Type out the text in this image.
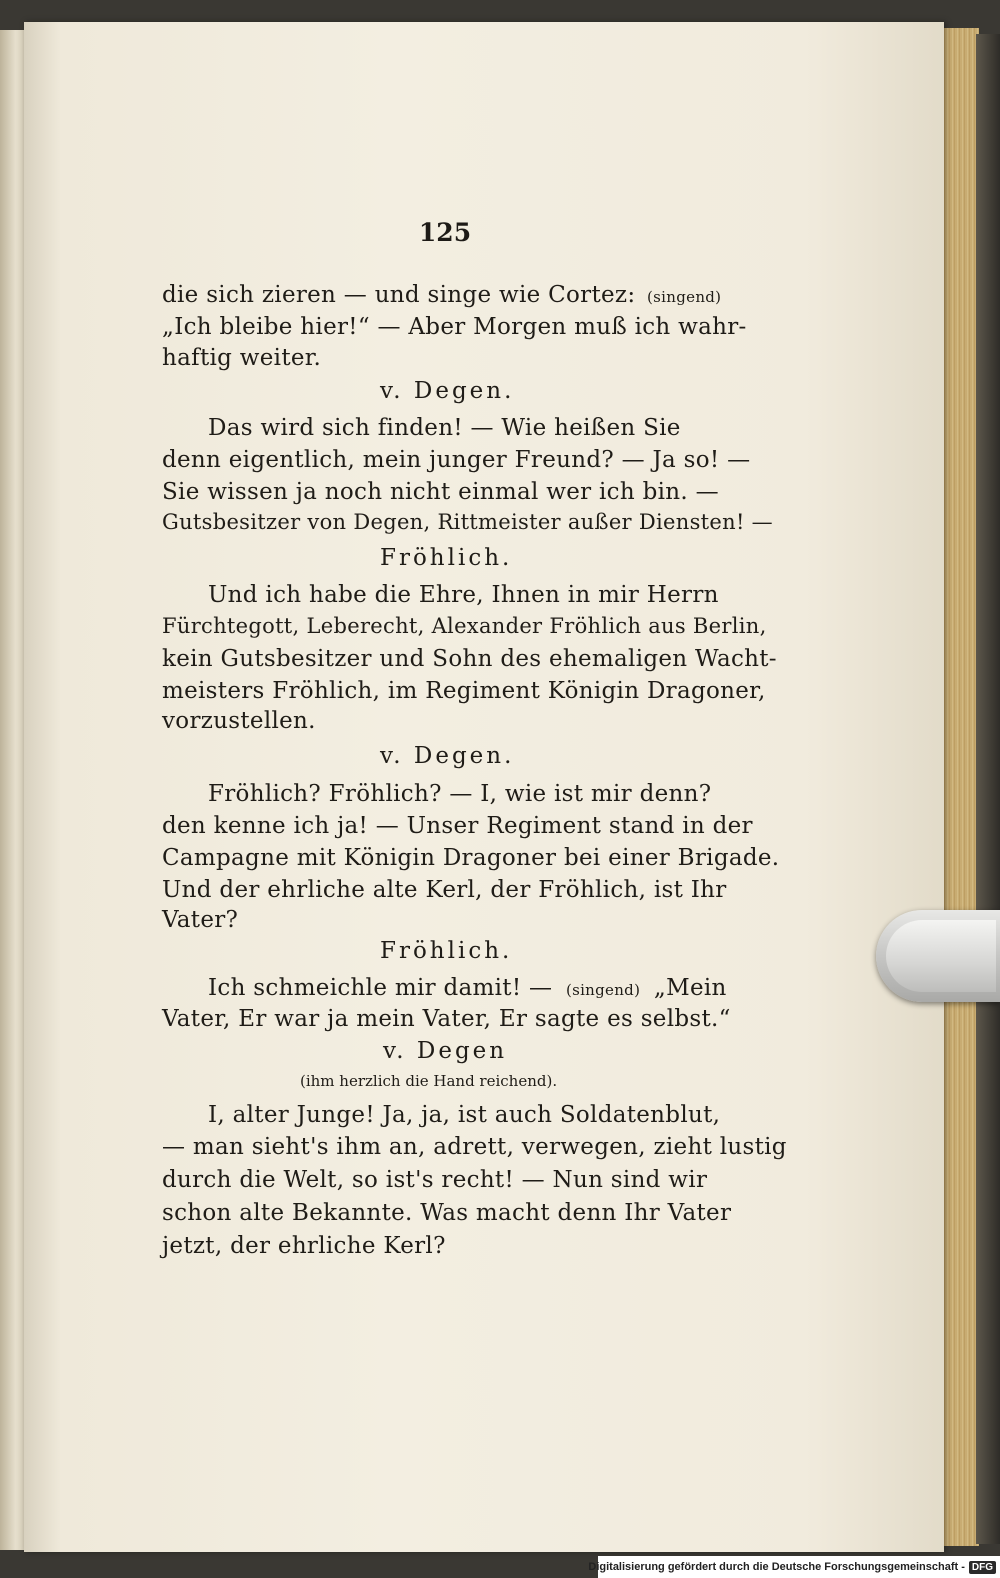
125
die sich zieren — und singe wie Cortez: (singend)
„Ich bleibe hier!“ — Aber Morgen muß ich wahr-
haftig weiter.
v. Degen.
Das wird sich finden! — Wie heißen Sie
denn eigentlich, mein junger Freund? — Ja so! —
Sie wissen ja noch nicht einmal wer ich bin. —
Gutsbesitzer von Degen, Rittmeister außer Diensten! —
Fröhlich.
Und ich habe die Ehre, Ihnen in mir Herrn
Fürchtegott, Leberecht, Alexander Fröhlich aus Berlin,
kein Gutsbesitzer und Sohn des ehemaligen Wacht-
meisters Fröhlich, im Regiment Königin Dragoner,
vorzustellen.
v. Degen.
Fröhlich? Fröhlich? — I, wie ist mir denn?
den kenne ich ja! — Unser Regiment stand in der
Campagne mit Königin Dragoner bei einer Brigade.
Und der ehrliche alte Kerl, der Fröhlich, ist Ihr
Vater?
Fröhlich.
Ich schmeichle mir damit! — (singend) „Mein
Vater, Er war ja mein Vater, Er sagte es selbst.“
v. Degen
(ihm herzlich die Hand reichend).
I, alter Junge! Ja, ja, ist auch Soldatenblut,
— man sieht's ihm an, adrett, verwegen, zieht lustig
durch die Welt, so ist's recht! — Nun sind wir
schon alte Bekannte. Was macht denn Ihr Vater
jetzt, der ehrliche Kerl?
Digitalisierung gefördert durch die Deutsche Forschungsgemeinschaft - DFG
